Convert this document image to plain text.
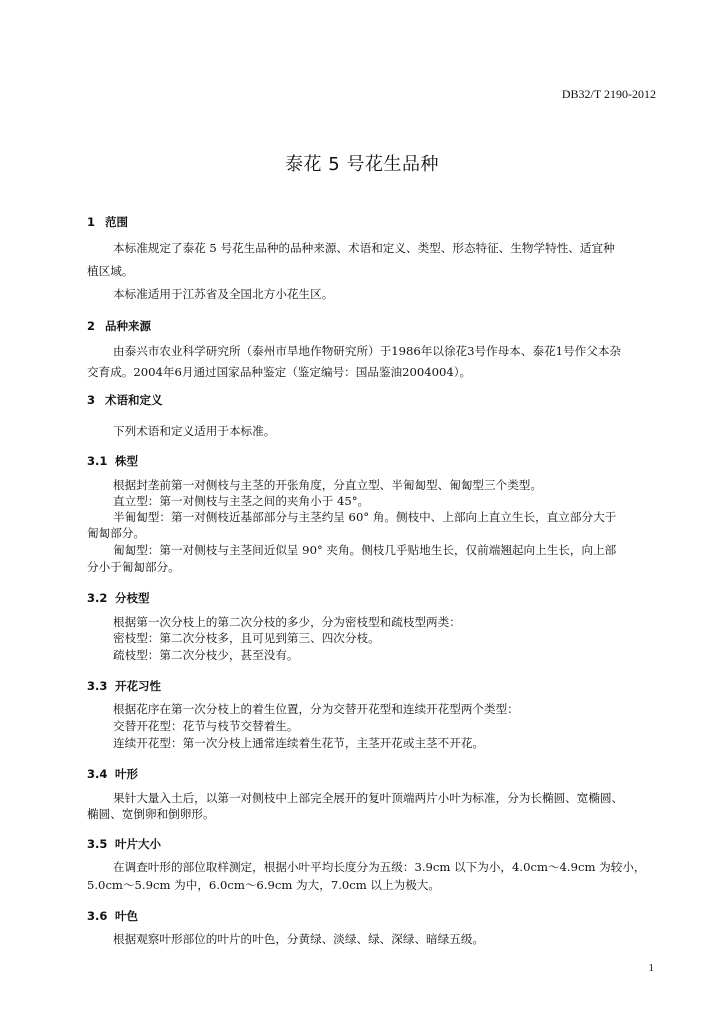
DB32/T 2190-2012
泰花 5 号花生品种
1 范围
本标准规定了泰花 5 号花生品种的品种来源、术语和定义、类型、形态特征、生物学特性、适宜种
植区域。
本标准适用于江苏省及全国北方小花生区。
2 品种来源
由泰兴市农业科学研究所（泰州市旱地作物研究所）于1986年以徐花3号作母本、泰花1号作父本杂
交育成。2004年6月通过国家品种鉴定（鉴定编号：国品鉴油2004004）。
3 术语和定义
下列术语和定义适用于本标准。
3.1 株型
根据封垄前第一对侧枝与主茎的开张角度，分直立型、半匍匐型、匍匐型三个类型。
直立型：第一对侧枝与主茎之间的夹角小于 45°。
半匍匐型：第一对侧枝近基部部分与主茎约呈 60° 角。侧枝中、上部向上直立生长，直立部分大于
匍匐部分。
匍匐型：第一对侧枝与主茎间近似呈 90° 夹角。侧枝几乎贴地生长，仅前端翘起向上生长，向上部
分小于匍匐部分。
3.2 分枝型
根据第一次分枝上的第二次分枝的多少，分为密枝型和疏枝型两类：
密枝型：第二次分枝多，且可见到第三、四次分枝。
疏枝型：第二次分枝少，甚至没有。
3.3 开花习性
根据花序在第一次分枝上的着生位置，分为交替开花型和连续开花型两个类型：
交替开花型：花节与枝节交替着生。
连续开花型：第一次分枝上通常连续着生花节，主茎开花或主茎不开花。
3.4 叶形
果针大量入土后，以第一对侧枝中上部完全展开的复叶顶端两片小叶为标准，分为长椭圆、宽椭圆、
椭圆、宽倒卵和倒卵形。
3.5 叶片大小
在调查叶形的部位取样测定，根据小叶平均长度分为五级：3.9cm 以下为小，4.0cm～4.9cm 为较小，
5.0cm～5.9cm 为中，6.0cm～6.9cm 为大，7.0cm 以上为极大。
3.6 叶色
根据观察叶形部位的叶片的叶色，分黄绿、淡绿、绿、深绿、暗绿五级。
1
